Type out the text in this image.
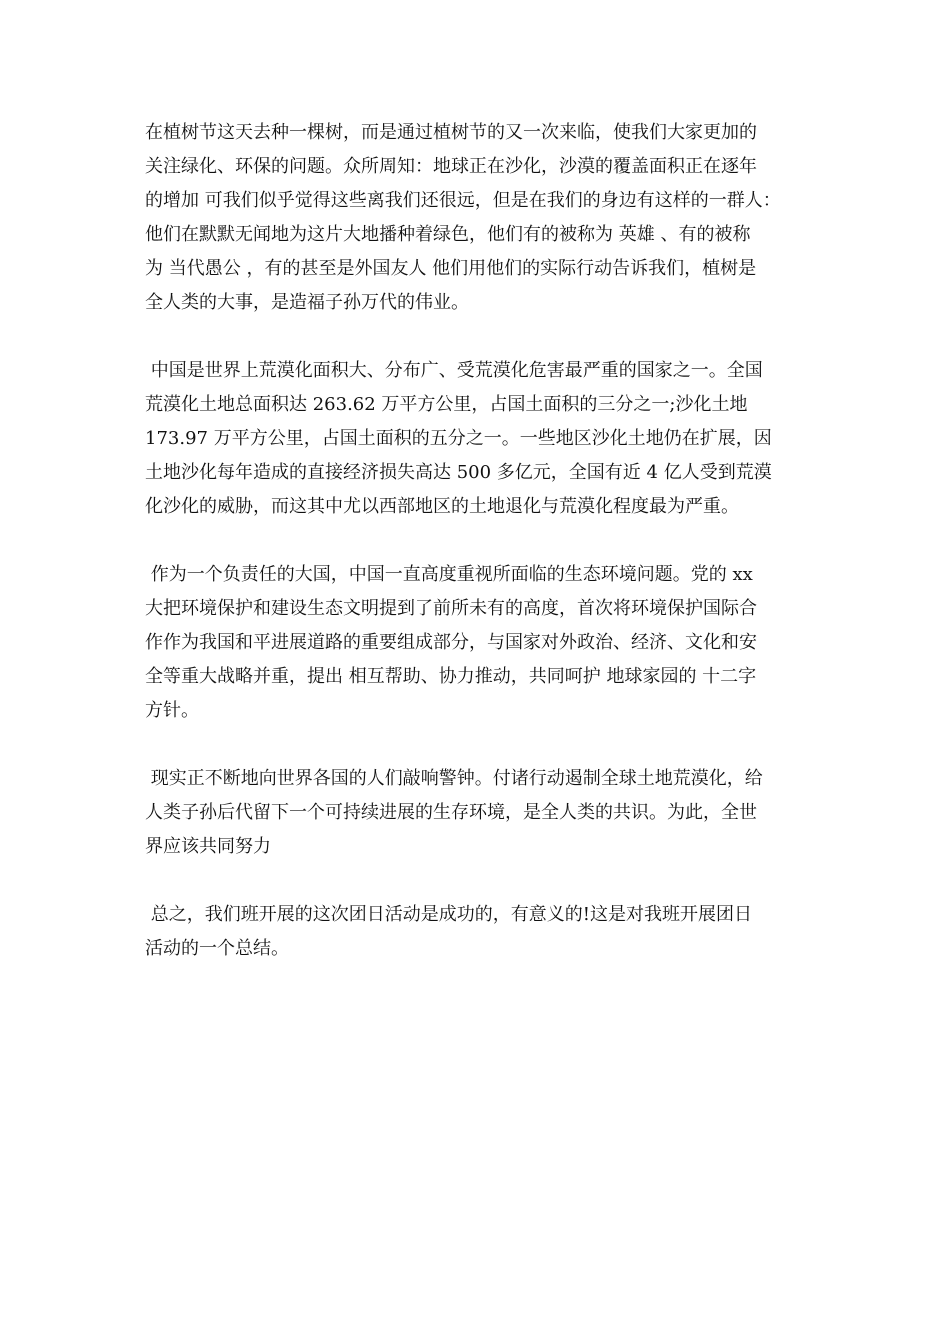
在植树节这天去种一棵树，而是通过植树节的又一次来临，使我们大家更加的
关注绿化、环保的问题。众所周知：地球正在沙化，沙漠的覆盖面积正在逐年
的增加 可我们似乎觉得这些离我们还很远，但是在我们的身边有这样的一群人：
他们在默默无闻地为这片大地播种着绿色，他们有的被称为 英雄 、有的被称
为 当代愚公 ，有的甚至是外国友人 他们用他们的实际行动告诉我们，植树是
全人类的大事，是造福子孙万代的伟业。

中国是世界上荒漠化面积大、分布广、受荒漠化危害最严重的国家之一。全国
荒漠化土地总面积达 263.62 万平方公里，占国土面积的三分之一;沙化土地
173.97 万平方公里，占国土面积的五分之一。一些地区沙化土地仍在扩展，因
土地沙化每年造成的直接经济损失高达 500 多亿元，全国有近 4 亿人受到荒漠
化沙化的威胁，而这其中尤以西部地区的土地退化与荒漠化程度最为严重。

作为一个负责任的大国，中国一直高度重视所面临的生态环境问题。党的 xx
大把环境保护和建设生态文明提到了前所未有的高度，首次将环境保护国际合
作作为我国和平进展道路的重要组成部分，与国家对外政治、经济、文化和安
全等重大战略并重，提出 相互帮助、协力推动，共同呵护 地球家园的 十二字
方针。

现实正不断地向世界各国的人们敲响警钟。付诸行动遏制全球土地荒漠化，给
人类子孙后代留下一个可持续进展的生存环境，是全人类的共识。为此，全世
界应该共同努力

总之，我们班开展的这次团日活动是成功的，有意义的!这是对我班开展团日
活动的一个总结。
